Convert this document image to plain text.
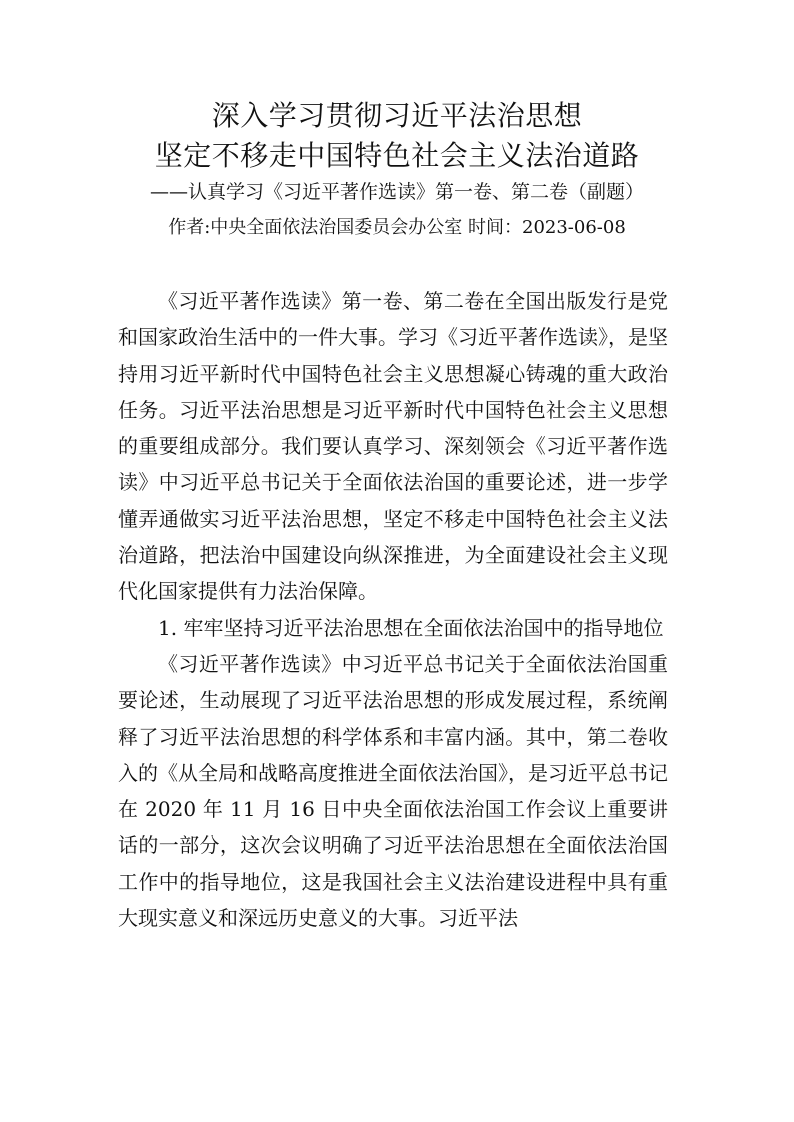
深入学习贯彻习近平法治思想
坚定不移走中国特色社会主义法治道路
——认真学习《习近平著作选读》第一卷、第二卷（副题）
作者:中央全面依法治国委员会办公室 时间：2023-06-08

《习近平著作选读》第一卷、第二卷在全国出版发行是党和国家政治生活中的一件大事。学习《习近平著作选读》，是坚持用习近平新时代中国特色社会主义思想凝心铸魂的重大政治任务。习近平法治思想是习近平新时代中国特色社会主义思想的重要组成部分。我们要认真学习、深刻领会《习近平著作选读》中习近平总书记关于全面依法治国的重要论述，进一步学懂弄通做实习近平法治思想，坚定不移走中国特色社会主义法治道路，把法治中国建设向纵深推进，为全面建设社会主义现代化国家提供有力法治保障。

1. 牢牢坚持习近平法治思想在全面依法治国中的指导地位

《习近平著作选读》中习近平总书记关于全面依法治国重要论述，生动展现了习近平法治思想的形成发展过程，系统阐释了习近平法治思想的科学体系和丰富内涵。其中，第二卷收入的《从全局和战略高度推进全面依法治国》，是习近平总书记在 2020 年 11 月 16 日中央全面依法治国工作会议上重要讲话的一部分，这次会议明确了习近平法治思想在全面依法治国工作中的指导地位，这是我国社会主义法治建设进程中具有重大现实意义和深远历史意义的大事。习近平法
